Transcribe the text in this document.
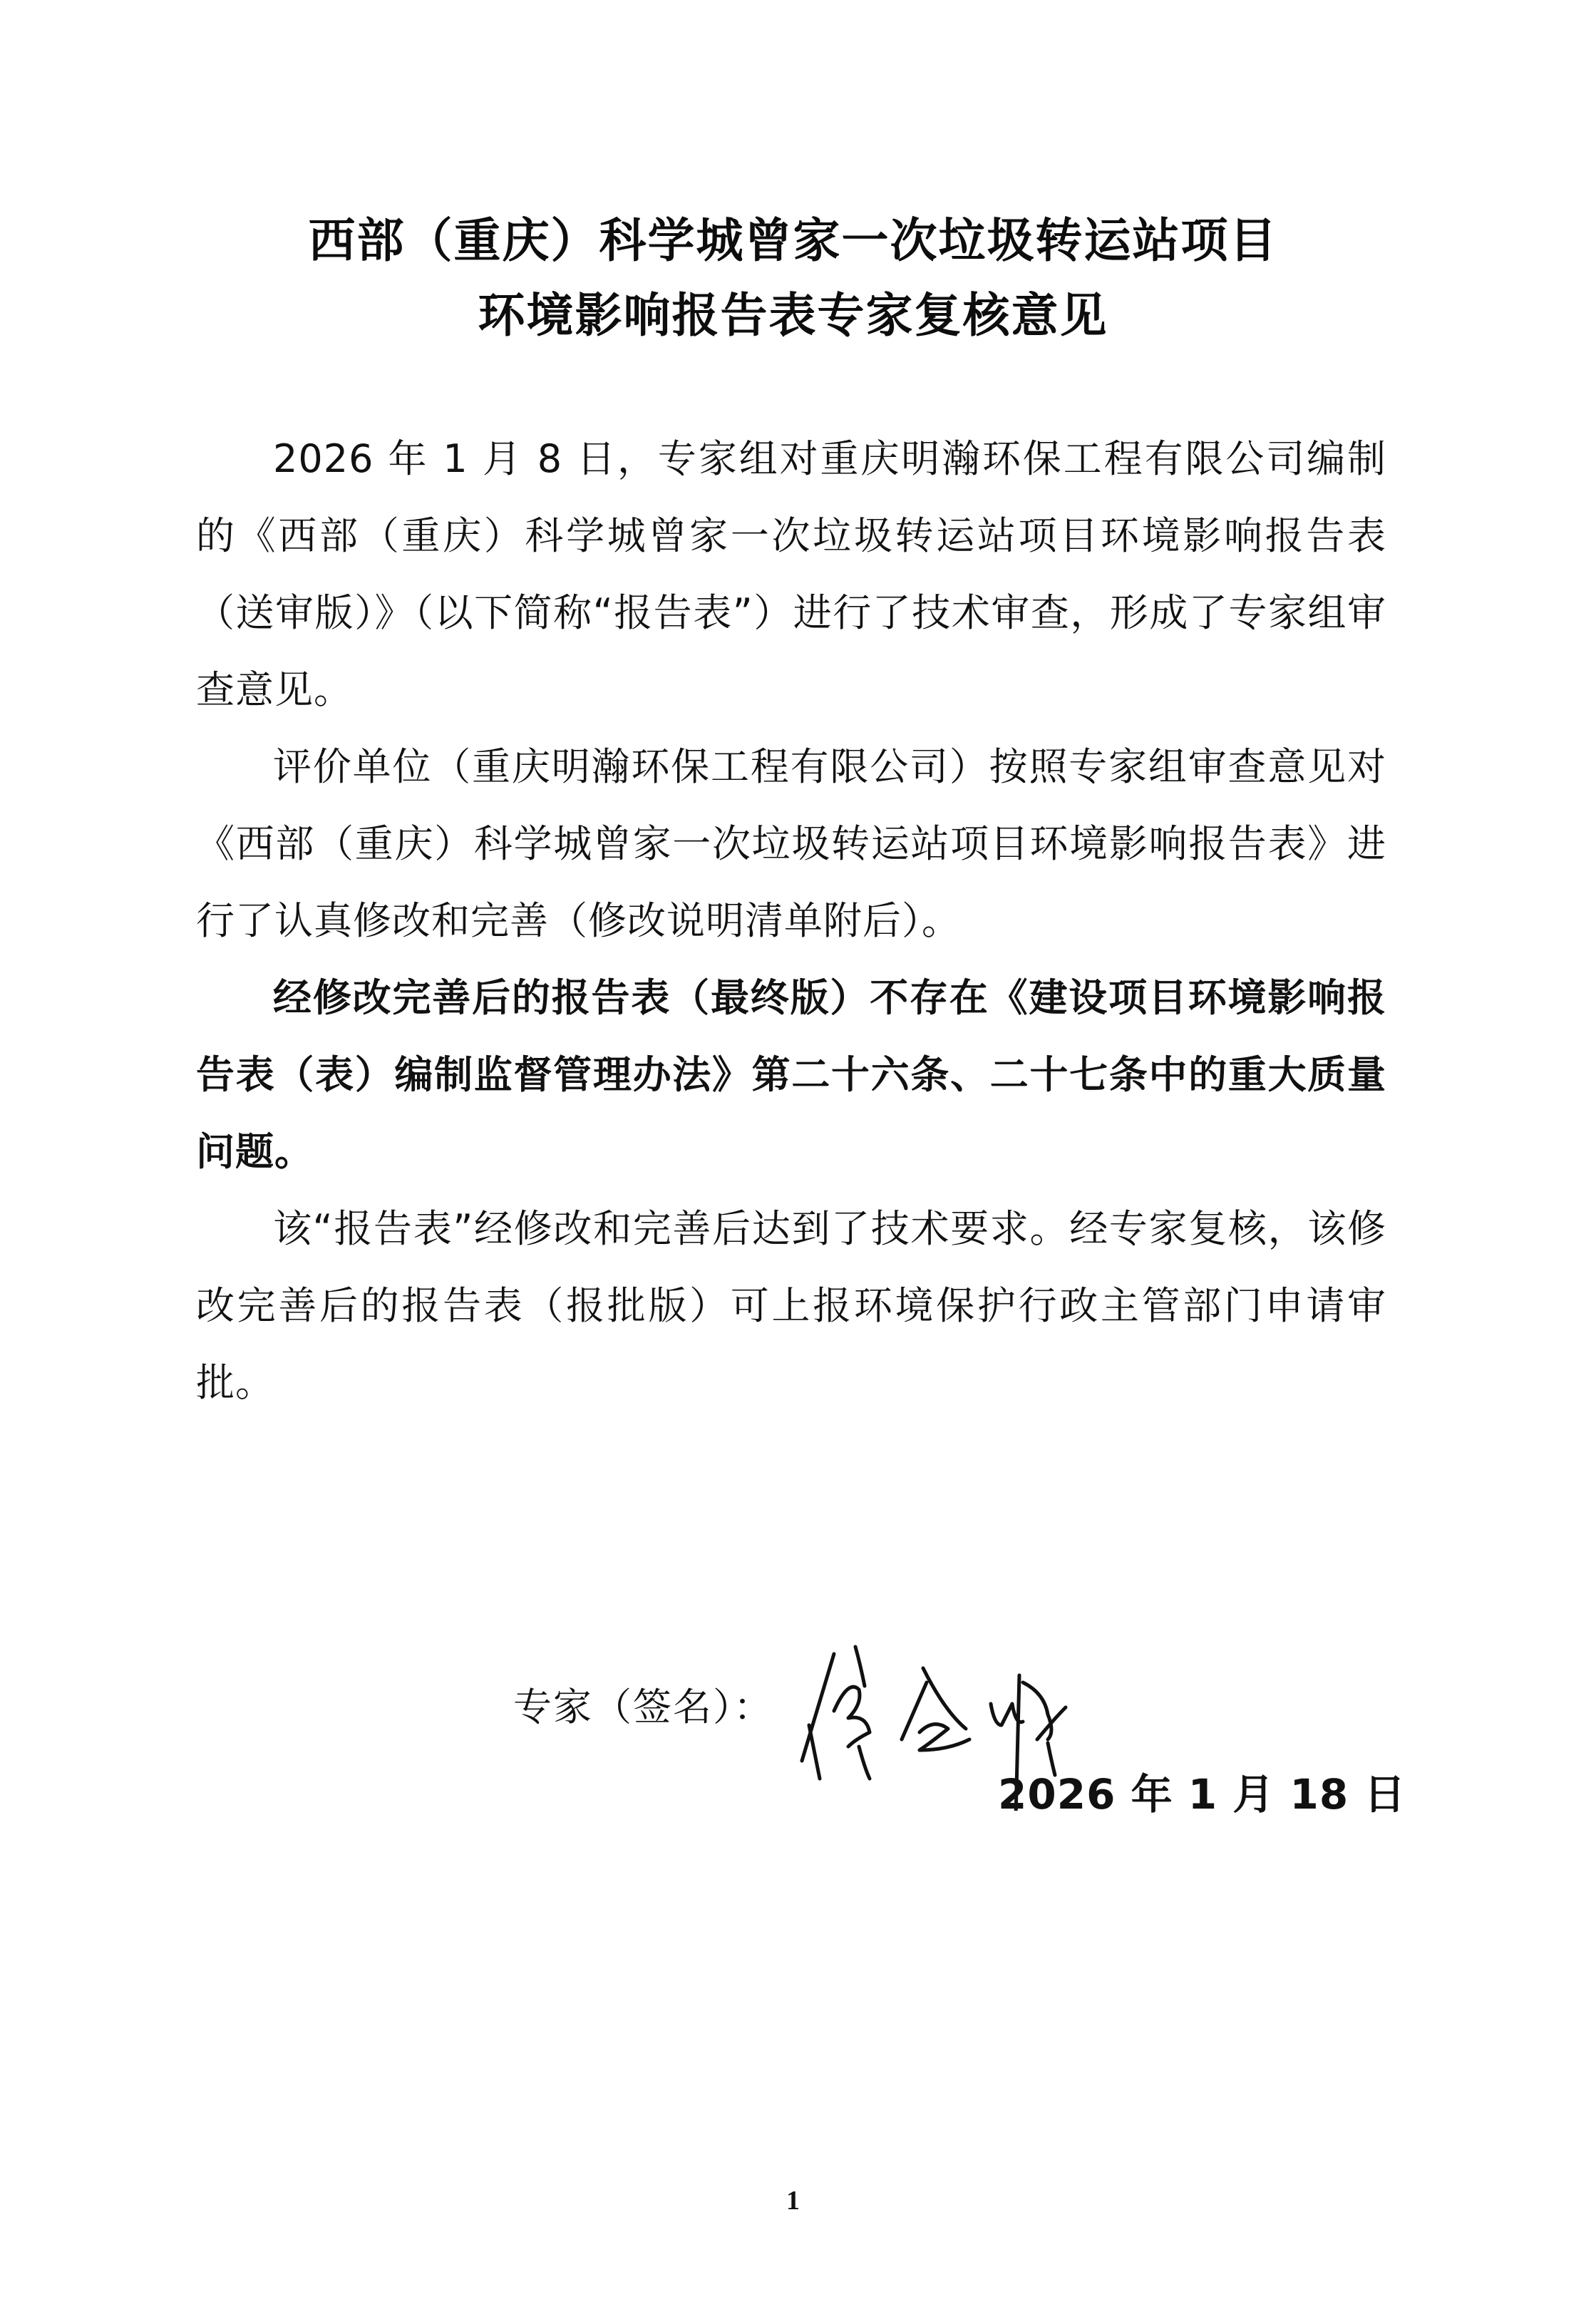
西部（重庆）科学城曾家一次垃圾转运站项目
环境影响报告表专家复核意见

2026 年 1 月 8 日，专家组对重庆明瀚环保工程有限公司编制的《西部（重庆）科学城曾家一次垃圾转运站项目环境影响报告表（送审版）》（以下简称“报告表”）进行了技术审查，形成了专家组审查意见。

评价单位（重庆明瀚环保工程有限公司）按照专家组审查意见对《西部（重庆）科学城曾家一次垃圾转运站项目环境影响报告表》进行了认真修改和完善（修改说明清单附后）。

经修改完善后的报告表（最终版）不存在《建设项目环境影响报告表（表）编制监督管理办法》第二十六条、二十七条中的重大质量问题。

该“报告表”经修改和完善后达到了技术要求。经专家复核，该修改完善后的报告表（报批版）可上报环境保护行政主管部门申请审批。

专家（签名）：
2026 年 1 月 18 日
1
